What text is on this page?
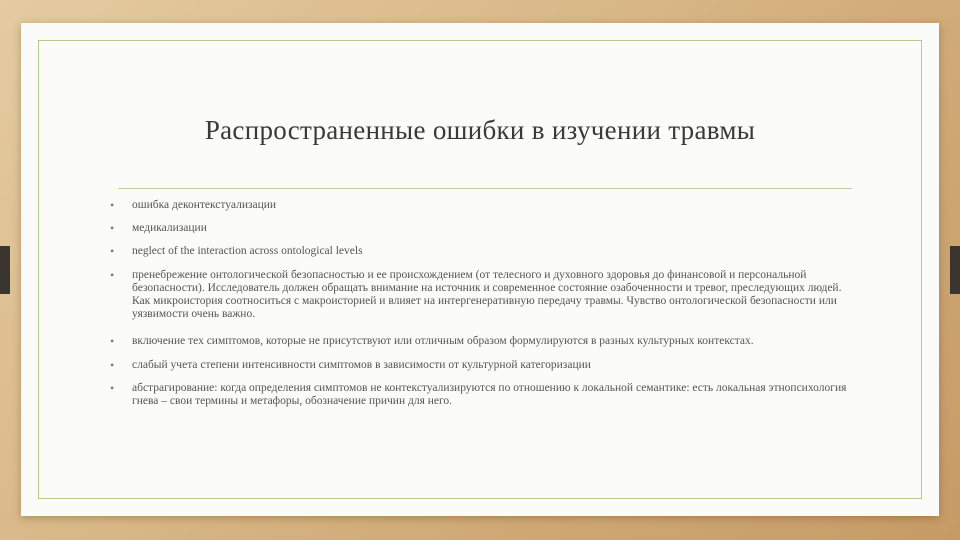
Распространенные ошибки в изучении травмы
• ошибка деконтекстуализации
• медикализации
• neglect of the interaction across ontological levels
• пренебрежение онтологической безопасностью и ее происхождением (от телесного и духовного здоровья до финансовой и персональной безопасности). Исследователь должен обращать внимание на источник и современное состояние озабоченности и тревог, преследующих людей. Как микроистория соотноситься с макроисторией и влияет на интергенеративную передачу травмы. Чувство онтологической безопасности или уязвимости очень важно.
• включение тех симптомов, которые не присутствуют или отличным образом формулируются в разных культурных контекстах.
• слабый учета степени интенсивности симптомов в зависимости от культурной категоризации
• абстрагирование: когда определения симптомов не контекстуализируются по отношению к локальной семантике: есть локальная этнопсихология гнева – свои термины и метафоры, обозначение причин для него.
